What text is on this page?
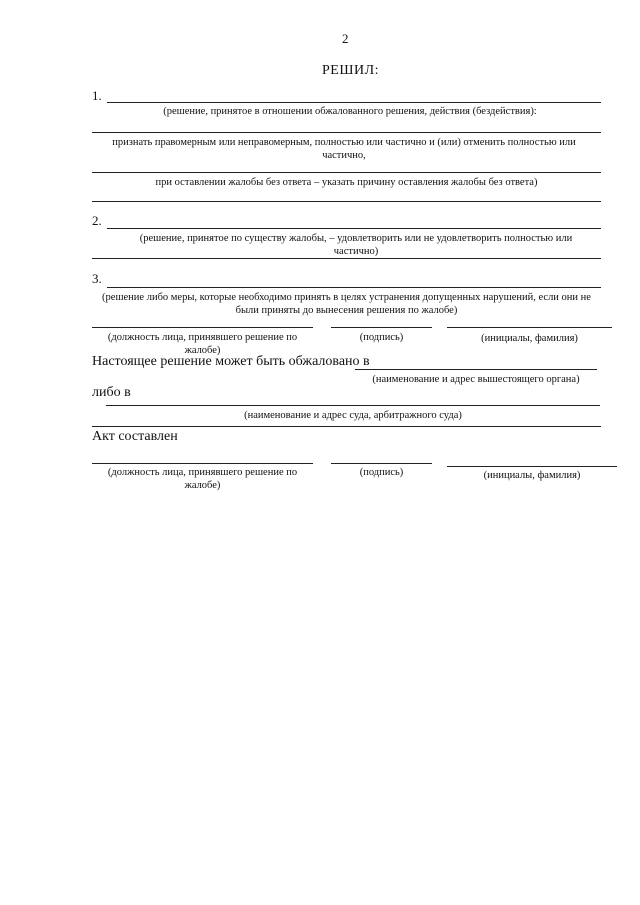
2
РЕШИЛ:
1.
(решение, принятое в отношении обжалованного решения, действия (бездействия):
признать правомерным или неправомерным, полностью или частично и (или) отменить полностью или частично,
при оставлении жалобы без ответа – указать причину оставления жалобы без ответа)
2.
(решение, принятое по существу жалобы, – удовлетворить или не удовлетворить полностью или частично)
3.
(решение либо меры, которые необходимо принять в целях устранения допущенных нарушений, если они не были приняты до вынесения решения по жалобе)
(должность лица, принявшего решение по жалобе)
(подпись)	(инициалы, фамилия)
Настоящее решение может быть обжаловано в
(наименование и адрес вышестоящего органа)
либо в
(наименование и адрес суда, арбитражного суда)
Акт составлен
(должность лица, принявшего решение по жалобе)
(подпись)	(инициалы, фамилия)
